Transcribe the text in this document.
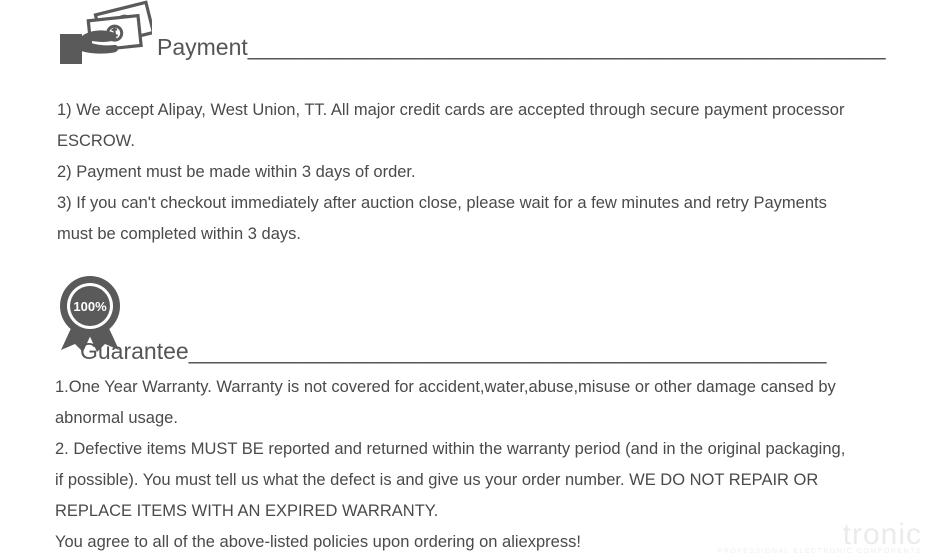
Payment______________________________________________________

1) We accept Alipay, West Union, TT. All major credit cards are accepted through secure payment processor ESCROW.

2) Payment must be made within 3 days of order.

3) If you can't checkout immediately after auction close, please wait for a few minutes and retry Payments must be completed within 3 days.

100%
Guarantee______________________________________________________

1.One Year Warranty. Warranty is not covered for accident,water,abuse,misuse or other damage cansed by abnormal usage.

2. Defective items MUST BE reported and returned within the warranty period (and in the original packaging, if possible). You must tell us what the defect is and give us your order number. WE DO NOT REPAIR OR REPLACE ITEMS WITH AN EXPIRED WARRANTY.

You agree to all of the above-listed policies upon ordering on aliexpress!	tronic
PROFESSIONAL ELECTRONIC COMPONENTS
